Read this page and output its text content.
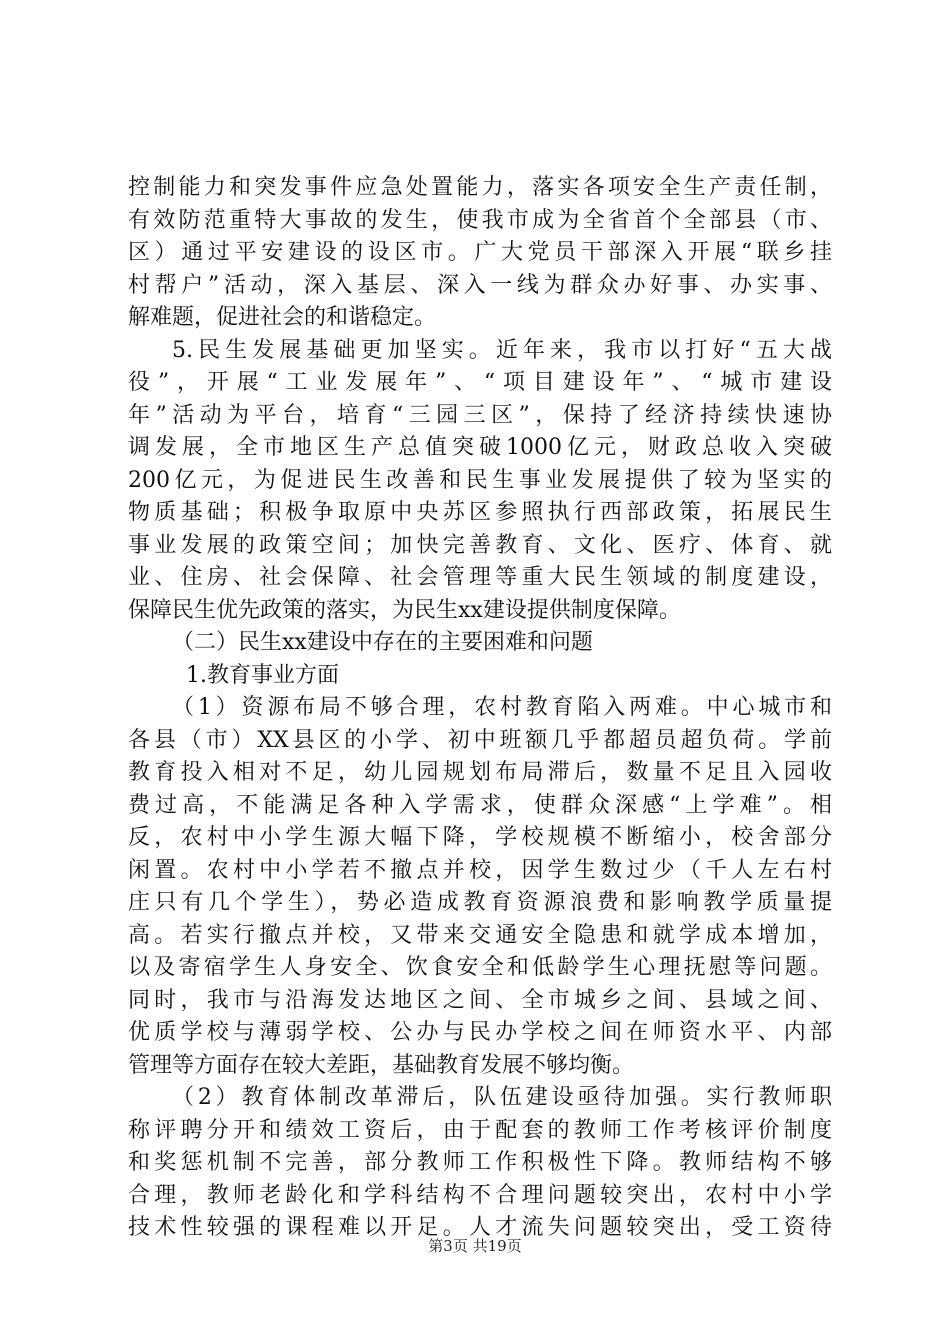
控制能力和突发事件应急处置能力，落实各项安全生产责任制，
有效防范重特大事故的发生，使我市成为全省首个全部县（市、
区）通过平安建设的设区市。广大党员干部深入开展“联乡挂
村帮户”活动，深入基层、深入一线为群众办好事、办实事、
解难题，促进社会的和谐稳定。
5.民生发展基础更加坚实。近年来，我市以打好“五大战
役”，开展“工业发展年”、“项目建设年”、“城市建设
年”活动为平台，培育“三园三区”，保持了经济持续快速协
调发展，全市地区生产总值突破1000亿元，财政总收入突破
200亿元，为促进民生改善和民生事业发展提供了较为坚实的
物质基础；积极争取原中央苏区参照执行西部政策，拓展民生
事业发展的政策空间；加快完善教育、文化、医疗、体育、就
业、住房、社会保障、社会管理等重大民生领域的制度建设，
保障民生优先政策的落实，为民生xx建设提供制度保障。
（二）民生xx建设中存在的主要困难和问题
1.教育事业方面
（1）资源布局不够合理，农村教育陷入两难。中心城市和
各县（市）XX县区的小学、初中班额几乎都超员超负荷。学前
教育投入相对不足，幼儿园规划布局滞后，数量不足且入园收
费过高，不能满足各种入学需求，使群众深感“上学难”。相
反，农村中小学生源大幅下降，学校规模不断缩小，校舍部分
闲置。农村中小学若不撤点并校，因学生数过少（千人左右村
庄只有几个学生），势必造成教育资源浪费和影响教学质量提
高。若实行撤点并校，又带来交通安全隐患和就学成本增加，
以及寄宿学生人身安全、饮食安全和低龄学生心理抚慰等问题。
同时，我市与沿海发达地区之间、全市城乡之间、县域之间、
优质学校与薄弱学校、公办与民办学校之间在师资水平、内部
管理等方面存在较大差距，基础教育发展不够均衡。
（2）教育体制改革滞后，队伍建设亟待加强。实行教师职
称评聘分开和绩效工资后，由于配套的教师工作考核评价制度
和奖惩机制不完善，部分教师工作积极性下降。教师结构不够
合理，教师老龄化和学科结构不合理问题较突出，农村中小学
技术性较强的课程难以开足。人才流失问题较突出，受工资待
第3页 共19页
